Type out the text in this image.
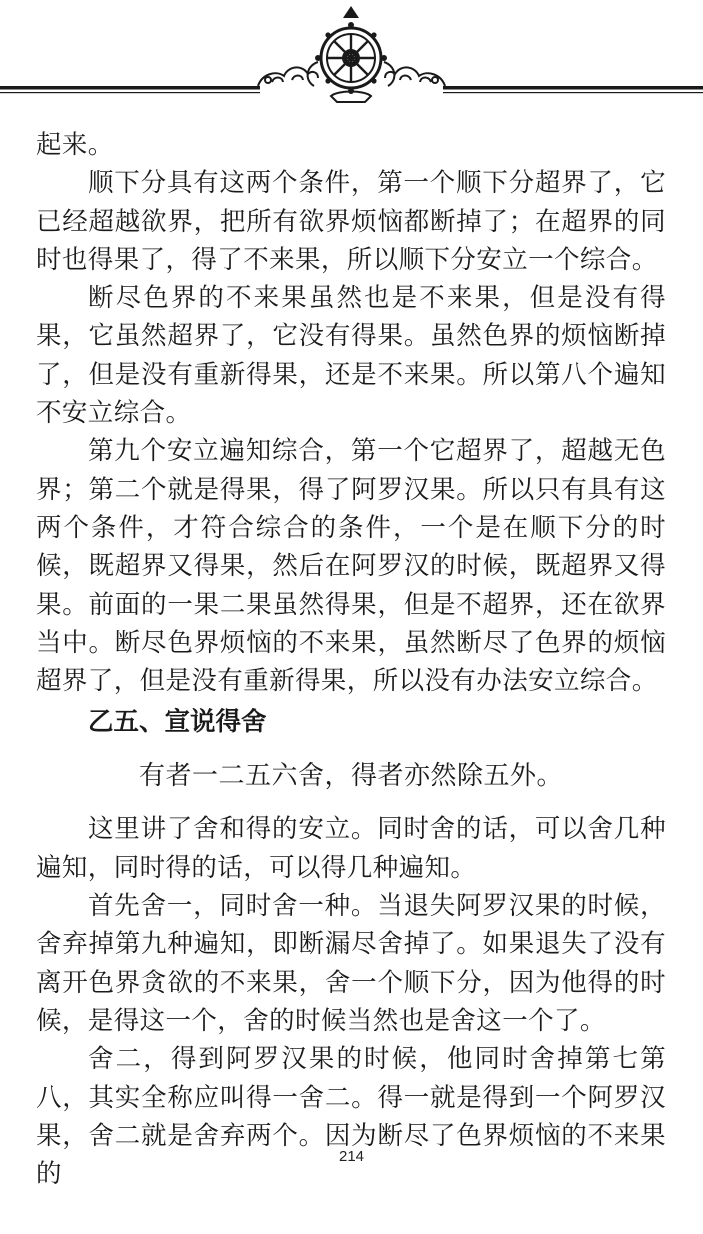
起来。

顺下分具有这两个条件，第一个顺下分超界了，它已经超越欲界，把所有欲界烦恼都断掉了；在超界的同时也得果了，得了不来果，所以顺下分安立一个综合。

断尽色界的不来果虽然也是不来果，但是没有得果，它虽然超界了，它没有得果。虽然色界的烦恼断掉了，但是没有重新得果，还是不来果。所以第八个遍知不安立综合。

第九个安立遍知综合，第一个它超界了，超越无色界；第二个就是得果，得了阿罗汉果。所以只有具有这两个条件，才符合综合的条件，一个是在顺下分的时候，既超界又得果，然后在阿罗汉的时候，既超界又得果。前面的一果二果虽然得果，但是不超界，还在欲界当中。断尽色界烦恼的不来果，虽然断尽了色界的烦恼超界了，但是没有重新得果，所以没有办法安立综合。

乙五、宣说得舍
有者一二五六舍，得者亦然除五外。

这里讲了舍和得的安立。同时舍的话，可以舍几种遍知，同时得的话，可以得几种遍知。

首先舍一，同时舍一种。当退失阿罗汉果的时候，舍弃掉第九种遍知，即断漏尽舍掉了。如果退失了没有离开色界贪欲的不来果，舍一个顺下分，因为他得的时候，是得这一个，舍的时候当然也是舍这一个了。

舍二，得到阿罗汉果的时候，他同时舍掉第七第八，其实全称应叫得一舍二。得一就是得到一个阿罗汉果，舍二就是舍弃两个。因为断尽了色界烦恼的不来果的

214
